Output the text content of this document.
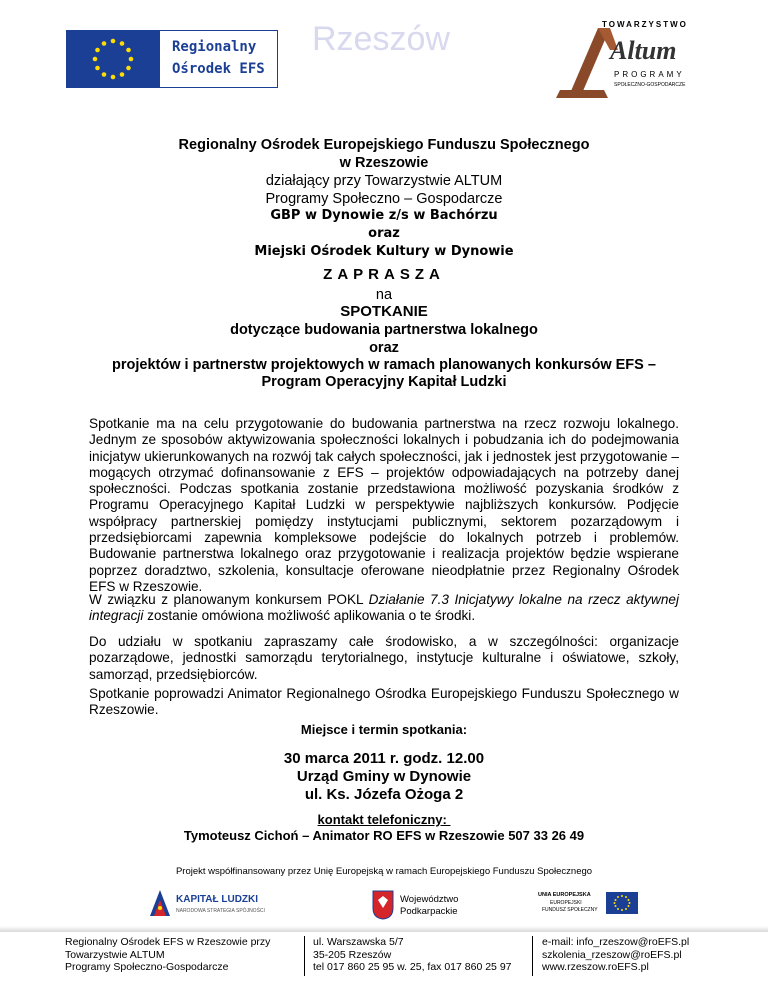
Regionalny
Ośrodek EFS
Rzeszów	TOWARZYSTWO
Altum
PROGRAMY
SPOŁECZNO-GOSPODARCZE
Regionalny Ośrodek Europejskiego Funduszu Społecznego
w Rzeszowie
działający przy Towarzystwie ALTUM
Programy Społeczno – Gospodarcze
GBP w Dynowie z/s w Bachórzu
oraz
Miejski Ośrodek Kultury w Dynowie
ZAPRASZA
na
SPOTKANIE
dotyczące budowania partnerstwa lokalnego
oraz
projektów i partnerstw projektowych w ramach planowanych konkursów EFS –
Program Operacyjny Kapitał Ludzki
Spotkanie ma na celu przygotowanie do budowania partnerstwa na rzecz rozwoju lokalnego. Jednym ze sposobów aktywizowania społeczności lokalnych i pobudzania ich do podejmowania inicjatyw ukierunkowanych na rozwój tak całych społeczności, jak i jednostek jest przygotowanie – mogących otrzymać dofinansowanie z EFS – projektów odpowiadających na potrzeby danej społeczności. Podczas spotkania zostanie przedstawiona możliwość pozyskania środków z Programu Operacyjnego Kapitał Ludzki w perspektywie najbliższych konkursów. Podjęcie współpracy partnerskiej pomiędzy instytucjami publicznymi, sektorem pozarządowym i przedsiębiorcami zapewnia kompleksowe podejście do lokalnych potrzeb i problemów. Budowanie partnerstwa lokalnego oraz przygotowanie i realizacja projektów będzie wspierane poprzez doradztwo, szkolenia, konsultacje oferowane nieodpłatnie przez Regionalny Ośrodek EFS w Rzeszowie.
W związku z planowanym konkursem POKL Działanie 7.3 Inicjatywy lokalne na rzecz aktywnej integracji zostanie omówiona możliwość aplikowania o te środki.
Do udziału w spotkaniu zapraszamy całe środowisko, a w szczególności: organizacje pozarządowe, jednostki samorządu terytorialnego, instytucje kulturalne i oświatowe, szkoły, samorząd, przedsiębiorców.
Spotkanie poprowadzi Animator Regionalnego Ośrodka Europejskiego Funduszu Społecznego w Rzeszowie.
Miejsce i termin spotkania:
30 marca 2011 r. godz. 12.00
Urząd Gminy w Dynowie
ul. Ks. Józefa Ożoga 2
kontakt telefoniczny:
Tymoteusz Cichoń – Animator RO EFS w Rzeszowie 507 33 26 49
Projekt współfinansowany przez Unię Europejską w ramach Europejskiego Funduszu Społecznego
KAPITAŁ LUDZKI
NARODOWA STRATEGIA SPÓJNOŚCI
Województwo
Podkarpackie
UNIA EUROPEJSKA
EUROPEJSKI
FUNDUSZ SPOŁECZNY
Regionalny Ośrodek EFS w Rzeszowie przy
Towarzystwie ALTUM
Programy Społeczno-Gospodarcze
ul. Warszawska 5/7
35-205 Rzeszów
tel 017 860 25 95 w. 25, fax 017 860 25 97
e-mail: info_rzeszow@roEFS.pl
szkolenia_rzeszow@roEFS.pl
www.rzeszow.roEFS.pl
